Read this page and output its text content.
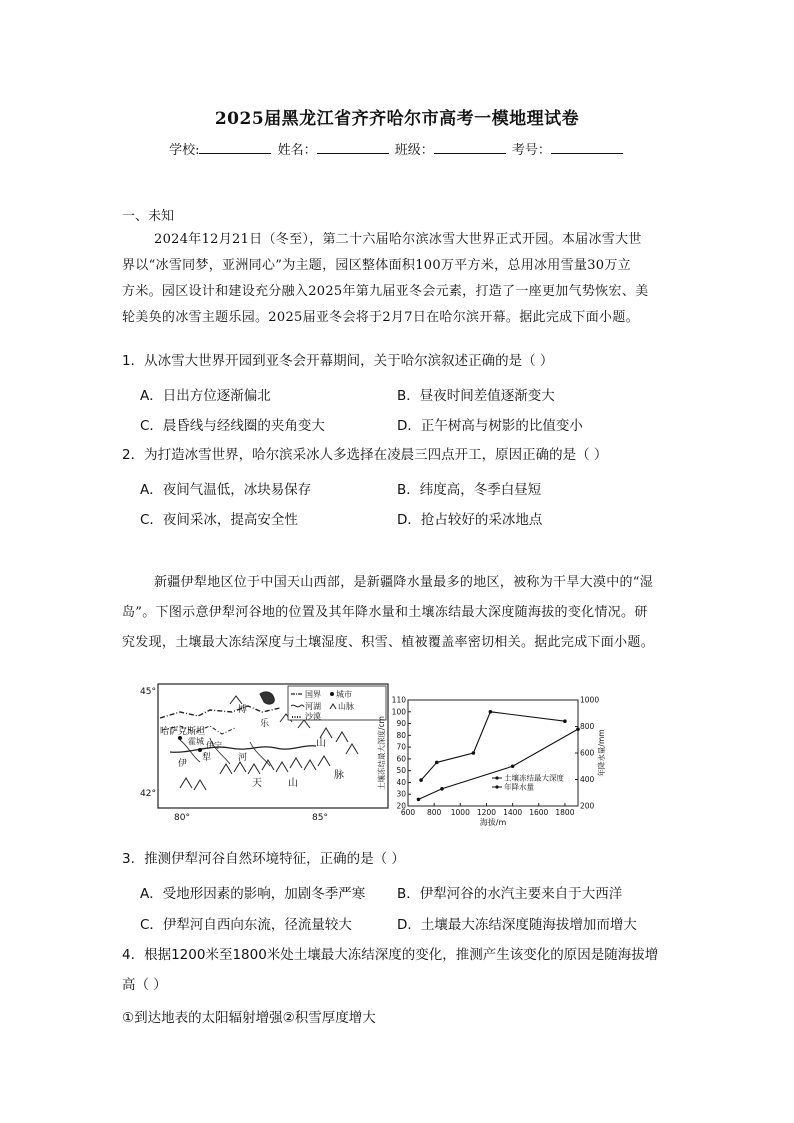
2025届黑龙江省齐齐哈尔市高考一模地理试卷
学校:	姓名：	班级：	考号：
一、未知
2024年12月21日（冬至），第二十六届哈尔滨冰雪大世界正式开园。本届冰雪大世
界以“冰雪同梦，亚洲同心”为主题，园区整体面积100万平方米，总用冰用雪量30万立
方米。园区设计和建设充分融入2025年第九届亚冬会元素，打造了一座更加气势恢宏、美
轮美奂的冰雪主题乐园。2025届亚冬会将于2月7日在哈尔滨开幕。据此完成下面小题。
1．从冰雪大世界开园到亚冬会开幕期间，关于哈尔滨叙述正确的是（ ）
A．日出方位逐渐偏北	B．昼夜时间差值逐渐变大
C．晨昏线与经线圈的夹角变大	D．正午树高与树影的比值变小
2．为打造冰雪世界，哈尔滨采冰人多选择在凌晨三四点开工，原因正确的是（ ）
A．夜间气温低，冰块易保存	B．纬度高，冬季白昼短
C．夜间采冰，提高安全性	D．抢占较好的采冰地点
新疆伊犁地区位于中国天山西部，是新疆降水量最多的地区，被称为干旱大漠中的“湿
岛”。下图示意伊犁河谷地的位置及其年降水量和土壤冻结最大深度随海拔的变化情况。研
究发现，土壤最大冻结深度与土壤湿度、积雪、植被覆盖率密切相关。据此完成下面小题。
45°
42°
80°	85°
哈萨克斯坦
博
乐
霍城
伊
犁	河
伊宁
天	山
脉
山
国界 城市
河湖 山脉
沙漠
600 800 1000 1200 1400 1600 1800
20
30
40
50
60
70
80
90
100
110
200
400
600
800
1000
海拔/m
土壤冻结最大深度/cm	年降水量/mm
土壤冻结最大深度
年降水量
3．推测伊犁河谷自然环境特征，正确的是（ ）
A．受地形因素的影响，加剧冬季严寒 B．伊犁河谷的水汽主要来自于大西洋
C．伊犁河自西向东流，径流量较大	D．土壤最大冻结深度随海拔增加而增大
4．根据1200米至1800米处土壤最大冻结深度的变化，推测产生该变化的原因是随海拔增
高（ ）
①到达地表的太阳辐射增强②积雪厚度增大
